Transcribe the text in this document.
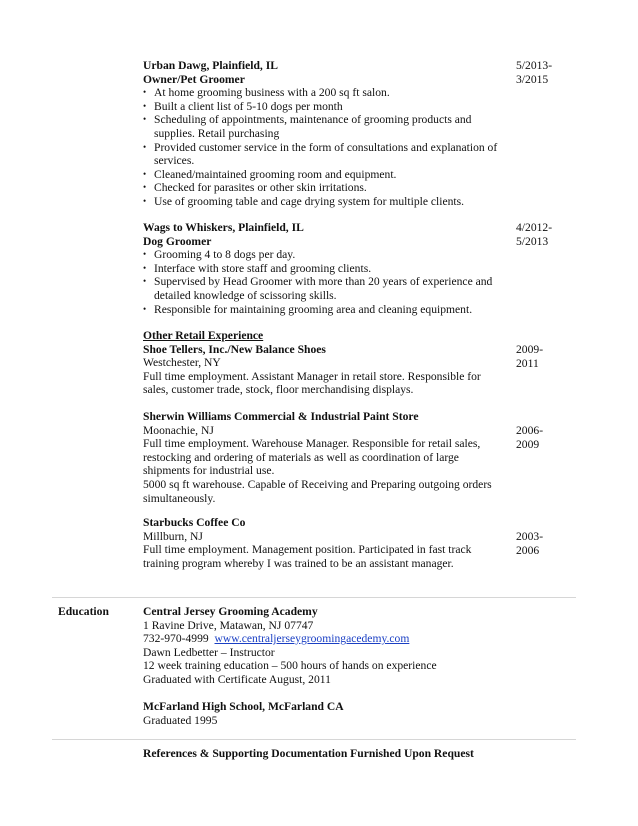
Urban Dawg, Plainfield, IL
Owner/Pet Groomer
• At home grooming business with a 200 sq ft salon.
• Built a client list of 5-10 dogs per month
• Scheduling of appointments, maintenance of grooming products and supplies. Retail purchasing
• Provided customer service in the form of consultations and explanation of services.
• Cleaned/maintained grooming room and equipment.
• Checked for parasites or other skin irritations.
• Use of grooming table and cage drying system for multiple clients.
5/2013-
3/2015
Wags to Whiskers, Plainfield, IL
Dog Groomer
• Grooming 4 to 8 dogs per day.
• Interface with store staff and grooming clients.
• Supervised by Head Groomer with more than 20 years of experience and detailed knowledge of scissoring skills.
• Responsible for maintaining grooming area and cleaning equipment.
4/2012-
5/2013
Other Retail Experience
Shoe Tellers, Inc./New Balance Shoes
Westchester, NY
Full time employment. Assistant Manager in retail store. Responsible for sales, customer trade, stock, floor merchandising displays.
2009-
2011
Sherwin Williams Commercial & Industrial Paint Store
Moonachie, NJ
Full time employment. Warehouse Manager. Responsible for retail sales, restocking and ordering of materials as well as coordination of large shipments for industrial use.
5000 sq ft warehouse. Capable of Receiving and Preparing outgoing orders simultaneously.
2006-
2009
Starbucks Coffee Co
Millburn, NJ
Full time employment. Management position. Participated in fast track training program whereby I was trained to be an assistant manager.
2003-
2006
Education	Central Jersey Grooming Academy
1 Ravine Drive, Matawan, NJ 07747
732-970-4999 www.centraljerseygroomingacedemy.com
Dawn Ledbetter – Instructor
12 week training education – 500 hours of hands on experience
Graduated with Certificate August, 2011
McFarland High School, McFarland CA
Graduated 1995
References & Supporting Documentation Furnished Upon Request
